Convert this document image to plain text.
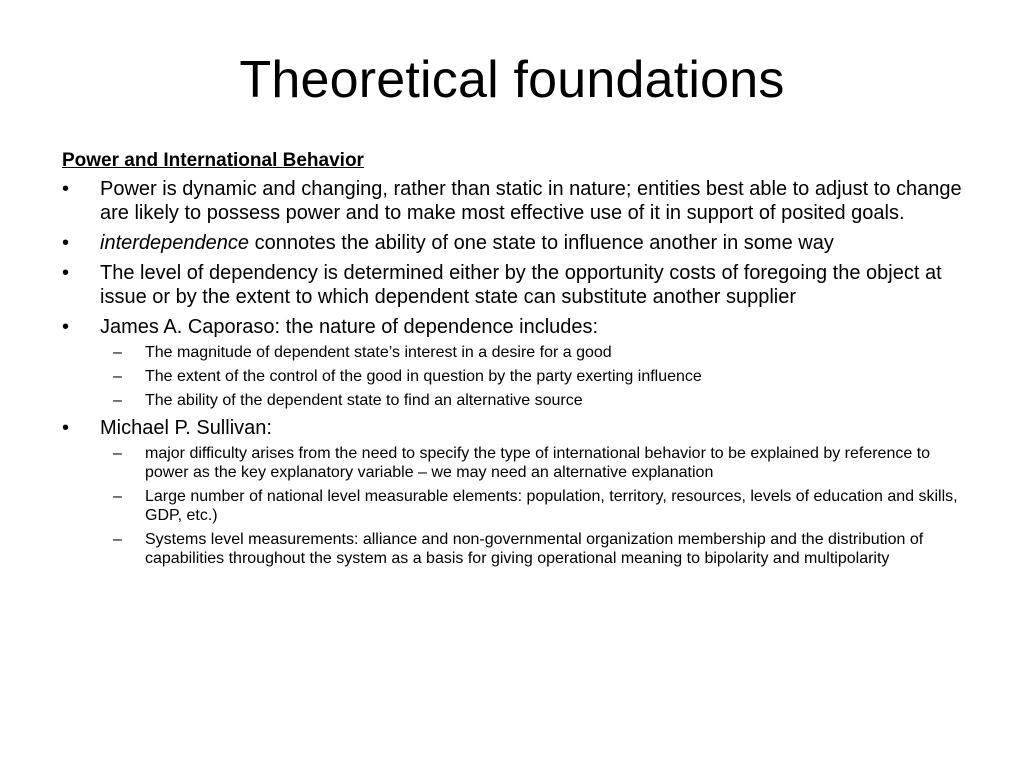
Theoretical foundations
Power and International Behavior
•	Power is dynamic and changing, rather than static in nature; entities best able to adjust to change are likely to possess power and to make most effective use of it in support of posited goals.
•	interdependence connotes the ability of one state to influence another in some way
•	The level of dependency is determined either by the opportunity costs of foregoing the object at issue or by the extent to which dependent state can substitute another supplier
•	James A. Caporaso: the nature of dependence includes:
– The magnitude of dependent state’s interest in a desire for a good
– The extent of the control of the good in question by the party exerting influence
– The ability of the dependent state to find an alternative source
•	Michael P. Sullivan:
– major difficulty arises from the need to specify the type of international behavior to be explained by reference to power as the key explanatory variable – we may need an alternative explanation
– Large number of national level measurable elements: population, territory, resources, levels of education and skills, GDP, etc.)
– Systems level measurements: alliance and non-governmental organization membership and the distribution of capabilities throughout the system as a basis for giving operational meaning to bipolarity and multipolarity
